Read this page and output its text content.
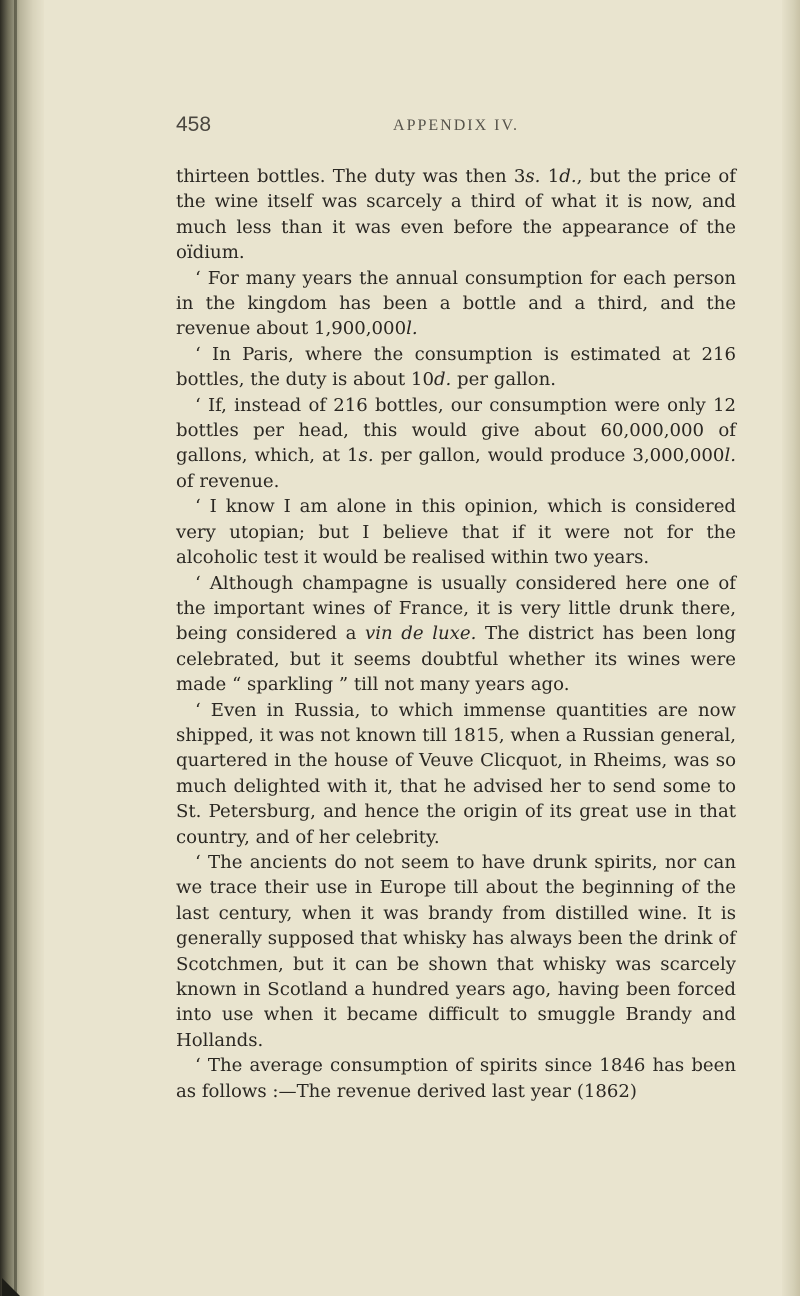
458	APPENDIX IV.

thirteen bottles. The duty was then 3s. 1d., but the price of the wine itself was scarcely a third of what it is now, and much less than it was even before the appearance of the oïdium.

‘ For many years the annual consumption for each person in the kingdom has been a bottle and a third, and the revenue about 1,900,000l.

‘ In Paris, where the consumption is estimated at 216 bottles, the duty is about 10d. per gallon.

‘ If, instead of 216 bottles, our consumption were only 12 bottles per head, this would give about 60,000,000 of gallons, which, at 1s. per gallon, would produce 3,000,000l. of revenue.

‘ I know I am alone in this opinion, which is considered very utopian; but I believe that if it were not for the alcoholic test it would be realised within two years.

‘ Although champagne is usually considered here one of the important wines of France, it is very little drunk there, being considered a vin de luxe. The district has been long celebrated, but it seems doubtful whether its wines were made “ sparkling ” till not many years ago.

‘ Even in Russia, to which immense quantities are now shipped, it was not known till 1815, when a Russian general, quartered in the house of Veuve Clicquot, in Rheims, was so much delighted with it, that he advised her to send some to St. Petersburg, and hence the origin of its great use in that country, and of her celebrity.

‘ The ancients do not seem to have drunk spirits, nor can we trace their use in Europe till about the beginning of the last century, when it was brandy from distilled wine. It is generally supposed that whisky has always been the drink of Scotchmen, but it can be shown that whisky was scarcely known in Scotland a hundred years ago, having been forced into use when it became difficult to smuggle Brandy and Hollands.

‘ The average consumption of spirits since 1846 has been as follows :—The revenue derived last year (1862)
